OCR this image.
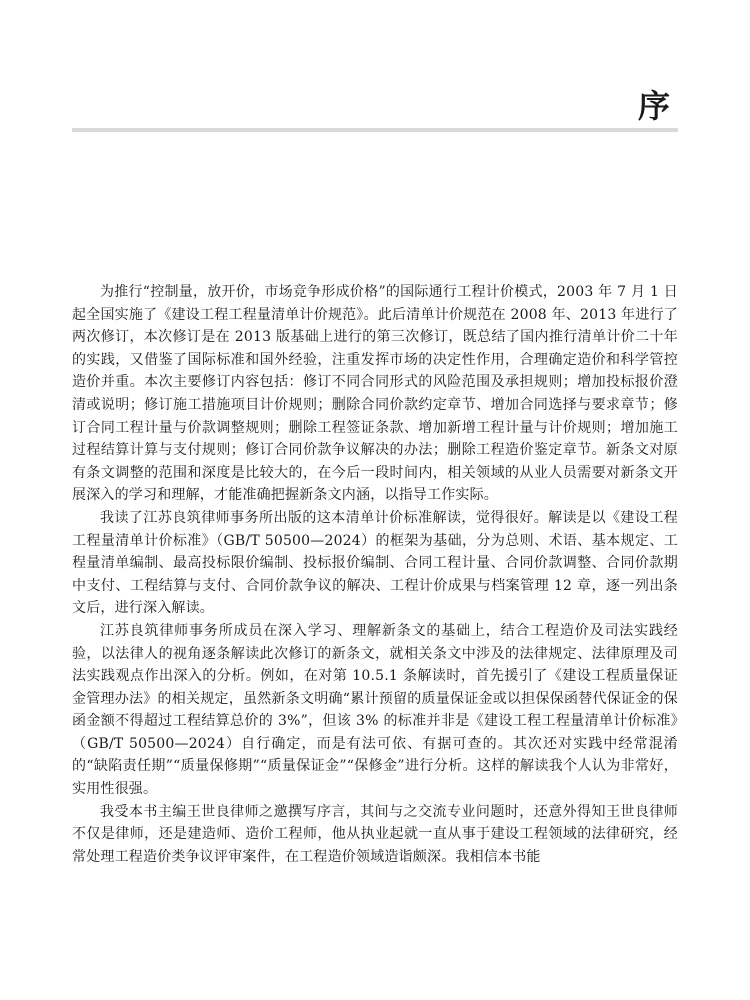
序

为推行“控制量，放开价，市场竞争形成价格”的国际通行工程计价模式，2003 年 7 月 1 日起全国实施了《建设工程工程量清单计价规范》。此后清单计价规范在 2008 年、2013 年进行了两次修订，本次修订是在 2013 版基础上进行的第三次修订，既总结了国内推行清单计价二十年的实践，又借鉴了国际标准和国外经验，注重发挥市场的决定性作用，合理确定造价和科学管控造价并重。本次主要修订内容包括：修订不同合同形式的风险范围及承担规则；增加投标报价澄清或说明；修订施工措施项目计价规则；删除合同价款约定章节、增加合同选择与要求章节；修订合同工程计量与价款调整规则；删除工程签证条款、增加新增工程计量与计价规则；增加施工过程结算计算与支付规则；修订合同价款争议解决的办法；删除工程造价鉴定章节。新条文对原有条文调整的范围和深度是比较大的，在今后一段时间内，相关领域的从业人员需要对新条文开展深入的学习和理解，才能准确把握新条文内涵，以指导工作实际。

我读了江苏良筑律师事务所出版的这本清单计价标准解读，觉得很好。解读是以《建设工程工程量清单计价标准》（GB/T 50500—2024）的框架为基础，分为总则、术语、基本规定、工程量清单编制、最高投标限价编制、投标报价编制、合同工程计量、合同价款调整、合同价款期中支付、工程结算与支付、合同价款争议的解决、工程计价成果与档案管理 12 章，逐一列出条文后，进行深入解读。

江苏良筑律师事务所成员在深入学习、理解新条文的基础上，结合工程造价及司法实践经验，以法律人的视角逐条解读此次修订的新条文，就相关条文中涉及的法律规定、法律原理及司法实践观点作出深入的分析。例如，在对第 10.5.1 条解读时，首先援引了《建设工程质量保证金管理办法》的相关规定，虽然新条文明确“累计预留的质量保证金或以担保保函替代保证金的保函金额不得超过工程结算总价的 3%”，但该 3% 的标准并非是《建设工程工程量清单计价标准》（GB/T 50500—2024）自行确定，而是有法可依、有据可查的。其次还对实践中经常混淆的“缺陷责任期”“质量保修期”“质量保证金”“保修金”进行分析。这样的解读我个人认为非常好，实用性很强。

我受本书主编王世良律师之邀撰写序言，其间与之交流专业问题时，还意外得知王世良律师不仅是律师，还是建造师、造价工程师，他从执业起就一直从事于建设工程领域的法律研究，经常处理工程造价类争议评审案件，在工程造价领域造诣颇深。我相信本书能
